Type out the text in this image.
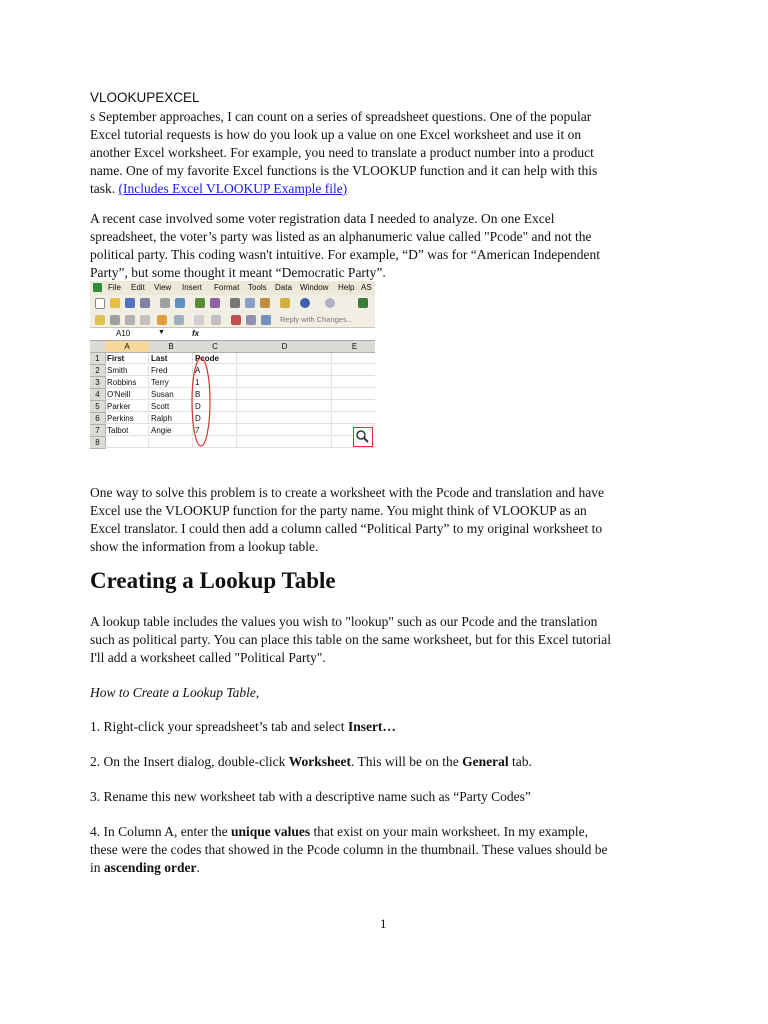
VLOOKUPEXCEL
s September approaches, I can count on a series of spreadsheet questions. One of the popular
Excel tutorial requests is how do you look up a value on one Excel worksheet and use it on
another Excel worksheet. For example, you need to translate a product number into a product
name. One of my favorite Excel functions is the VLOOKUP function and it can help with this
task. (Includes Excel VLOOKUP Example file)
A recent case involved some voter registration data I needed to analyze. On one Excel
spreadsheet, the voter’s party was listed as an alphanumeric value called "Pcode" and not the
political party. This coding wasn't intuitive. For example, “D” was for “American Independent
Party”, but some thought it meant “Democratic Party”.
File Edit View Insert Format Tools Data Window Help AS
Reply with Changes...
A10	▼	fx
A	B	C	D	E
1 First	Last	Pcode
2 Smith	Fred	A
3 Robbins	Terry	1
4 O'Neill	Susan	B
5 Parker	Scott	D
6 Perkins	Ralph	D
7 Talbot	Angie	7
8
One way to solve this problem is to create a worksheet with the Pcode and translation and have
Excel use the VLOOKUP function for the party name. You might think of VLOOKUP as an
Excel translator. I could then add a column called “Political Party” to my original worksheet to
show the information from a lookup table.
Creating a Lookup Table
A lookup table includes the values you wish to "lookup" such as our Pcode and the translation
such as political party. You can place this table on the same worksheet, but for this Excel tutorial
I'll add a worksheet called "Political Party".
How to Create a Lookup Table,
1. Right-click your spreadsheet’s tab and select Insert…
2. On the Insert dialog, double-click Worksheet. This will be on the General tab.
3. Rename this new worksheet tab with a descriptive name such as “Party Codes”
4. In Column A, enter the unique values that exist on your main worksheet. In my example,
these were the codes that showed in the Pcode column in the thumbnail. These values should be
in ascending order.
1
